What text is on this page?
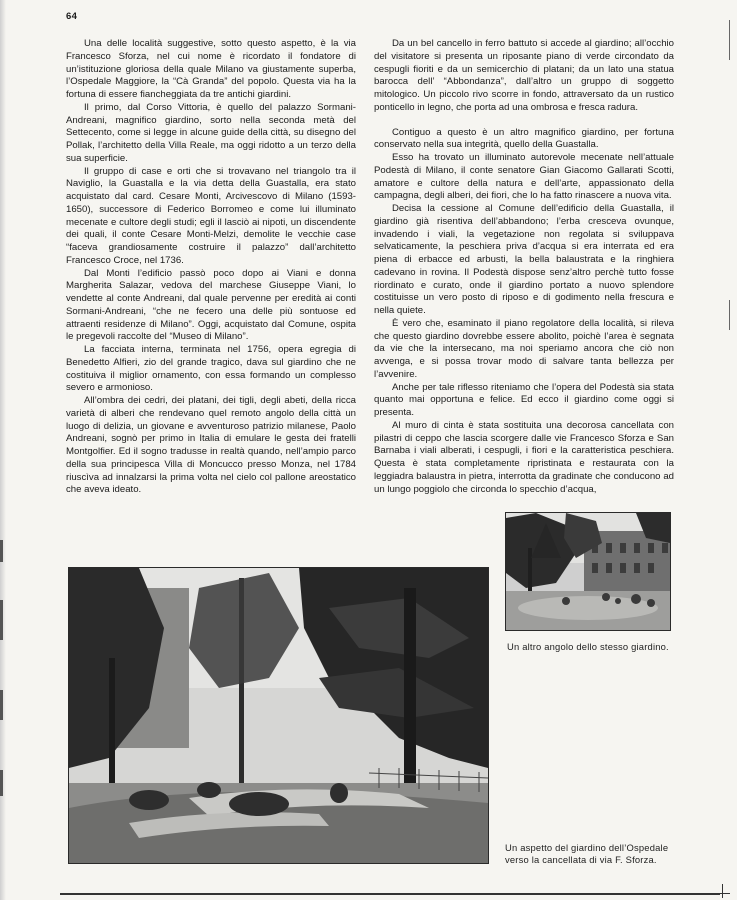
64

Una delle località suggestive, sotto questo aspetto, è la via Francesco Sforza, nel cui nome è ricordato il fondatore di un’istituzione gloriosa della quale Milano va giustamente superba, l’Ospedale Maggiore, la “Cà Granda” del popolo. Questa via ha la fortuna di essere fiancheggiata da tre antichi giardini.

Il primo, dal Corso Vittoria, è quello del palazzo Sormani-Andreani, magnifico giardino, sorto nella seconda metà del Settecento, come si legge in alcune guide della città, su disegno del Pollak, l’architetto della Villa Reale, ma oggi ridotto a un terzo della sua superficie.

Il gruppo di case e orti che si trovavano nel triangolo tra il Naviglio, la Guastalla e la via detta della Guastalla, era stato acquistato dal card. Cesare Monti, Arcivescovo di Milano (1593-1650), successore di Federico Borromeo e come lui illuminato mecenate e cultore degli studi; egli il lasciò ai nipoti, un discendente dei quali, il conte Cesare Monti-Melzi, demolite le vecchie case “faceva grandiosamente costruire il palazzo” dall’architetto Francesco Croce, nel 1736.

Dal Monti l’edificio passò poco dopo ai Viani e donna Margherita Salazar, vedova del marchese Giuseppe Viani, lo vendette al conte Andreani, dal quale pervenne per eredità ai conti Sormani-Andreani, “che ne fecero una delle più sontuose ed attraenti residenze di Milano”. Oggi, acquistato dal Comune, ospita le pregevoli raccolte del “Museo di Milano”.

La facciata interna, terminata nel 1756, opera egregia di Benedetto Alfieri, zio del grande tragico, dava sul giardino che ne costituiva il miglior ornamento, con essa formando un complesso severo e armonioso.

All’ombra dei cedri, dei platani, dei tigli, degli abeti, della ricca varietà di alberi che rendevano quel remoto angolo della città un luogo di delizia, un giovane e avventuroso patrizio milanese, Paolo Andreani, sognò per primo in Italia di emulare le gesta dei fratelli Montgolfier. Ed il sogno tradusse in realtà quando, nell’ampio parco della sua principesca Villa di Moncucco presso Monza, nel 1784 riuscìva ad innalzarsi la prima volta nel cielo col pallone areostatico che aveva ideato.

Da un bel cancello in ferro battuto si accede al giardino; all’occhio del visitatore si presenta un riposante piano di verde circondato da cespugli fioriti e da un semicerchio di platani; da un lato una statua barocca dell’ “Abbondanza”, dall’altro un gruppo di soggetto mitologico. Un piccolo rivo scorre in fondo, attraversato da un rustico ponticello in legno, che porta ad una ombrosa e fresca radura.

Contiguo a questo è un altro magnifico giardino, per fortuna conservato nella sua integrità, quello della Guastalla.

Esso ha trovato un illuminato autorevole mecenate nell’attuale Podestà di Milano, il conte senatore Gian Giacomo Gallarati Scotti, amatore e cultore della natura e dell’arte, appassionato della campagna, degli alberi, dei fiori, che lo ha fatto rinascere a nuova vita.

Decisa la cessione al Comune dell’edificio della Guastalla, il giardino già risentiva dell’abbandono; l’erba cresceva ovunque, invadendo i viali, la vegetazione non regolata si sviluppava selvaticamente, la peschiera priva d’acqua si era interrata ed era piena di erbacce ed arbusti, la bella balaustrata e la ringhiera cadevano in rovina. Il Podestà dispose senz’altro perchè tutto fosse riordinato e curato, onde il giardino portato a nuovo splendore costituisse un vero posto di riposo e di godimento nella frescura e nella quiete.

È vero che, esaminato il piano regolatore della località, si rileva che questo giardino dovrebbe essere abolito, poichè l’area è segnata da vie che la intersecano, ma noi speriamo ancora che ciò non avvenga, e si possa trovar modo di salvare tanta bellezza per l’avvenire.

Anche per tale riflesso riteniamo che l’opera del Podestà sia stata quanto mai opportuna e felice. Ed ecco il giardino come oggi si presenta.

Al muro di cinta è stata sostituita una decorosa cancellata con pilastri di ceppo che lascia scorgere dalle vie Francesco Sforza e San Barnaba i viali alberati, i cespugli, i fiori e la caratteristica peschiera. Questa è stata completamente ripristinata e restaurata con la leggiadra balaustra in pietra, interrotta da gradinate che conducono ad un lungo poggiolo che circonda lo specchio d’acqua,

Un altro angolo dello stesso giardino.
Un aspetto del giardino dell’Ospedale verso la cancellata di via F. Sforza.
